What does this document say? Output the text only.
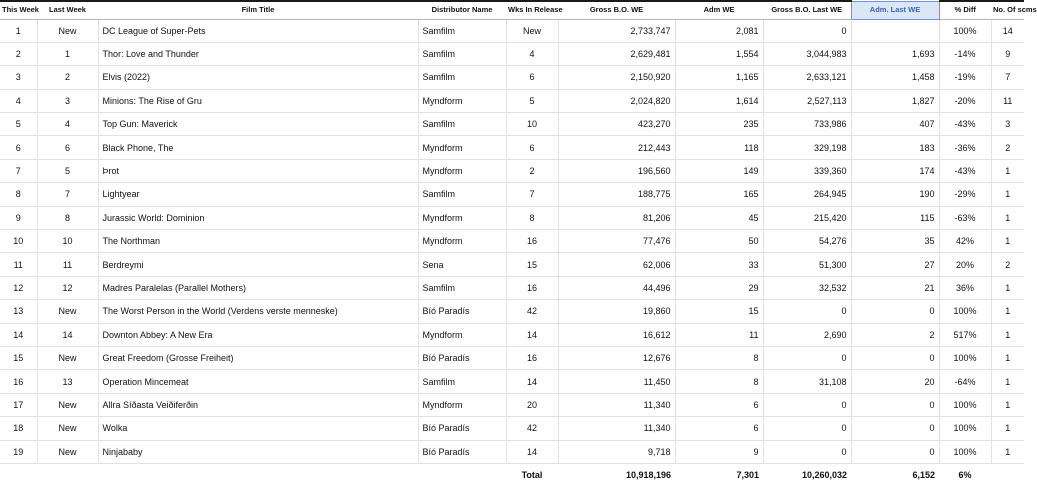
This Week	Last Week	Film Title	Distributor Name	Wks In Release	Gross B.O. WE	Adm WE	Gross B.O. Last WE	Adm. Last WE	% Diff	No. Of scms
1	New	DC League of Super-Pets	Samfilm	New	2,733,747	2,081	0		100%	14
2	1	Thor: Love and Thunder	Samfilm	4	2,629,481	1,554	3,044,983	1,693	-14%	9
3	2	Elvis (2022)	Samfilm	6	2,150,920	1,165	2,633,121	1,458	-19%	7
4	3	Minions: The Rise of Gru	Myndform	5	2,024,820	1,614	2,527,113	1,827	-20%	11
5	4	Top Gun: Maverick	Samfilm	10	423,270	235	733,986	407	-43%	3
6	6	Black Phone, The	Myndform	6	212,443	118	329,198	183	-36%	2
7	5	Þrot	Myndform	2	196,560	149	339,360	174	-43%	1
8	7	Lightyear	Samfilm	7	188,775	165	264,945	190	-29%	1
9	8	Jurassic World: Dominion	Myndform	8	81,206	45	215,420	115	-63%	1
10	10	The Northman	Myndform	16	77,476	50	54,276	35	42%	1
11	11	Berdreymi	Sena	15	62,006	33	51,300	27	20%	2
12	12	Madres Paralelas (Parallel Mothers)	Samfilm	16	44,496	29	32,532	21	36%	1
13	New	The Worst Person in the World (Verdens verste menneske)	Bíó Paradís	42	19,860	15	0	0	100%	1
14	14	Downton Abbey: A New Era	Myndform	14	16,612	11	2,690	2	517%	1
15	New	Great Freedom (Grosse Freiheit)	Bíó Paradís	16	12,676	8	0	0	100%	1
16	13	Operation Mincemeat	Samfilm	14	11,450	8	31,108	20	-64%	1
17	New	Allra Síðasta Veiðiferðin	Myndform	20	11,340	6	0	0	100%	1
18	New	Wolka	Bíó Paradís	42	11,340	6	0	0	100%	1
19	New	Ninjababy	Bíó Paradís	14	9,718	9	0	0	100%	1
				Total	10,918,196	7,301	10,260,032	6,152	6%	
